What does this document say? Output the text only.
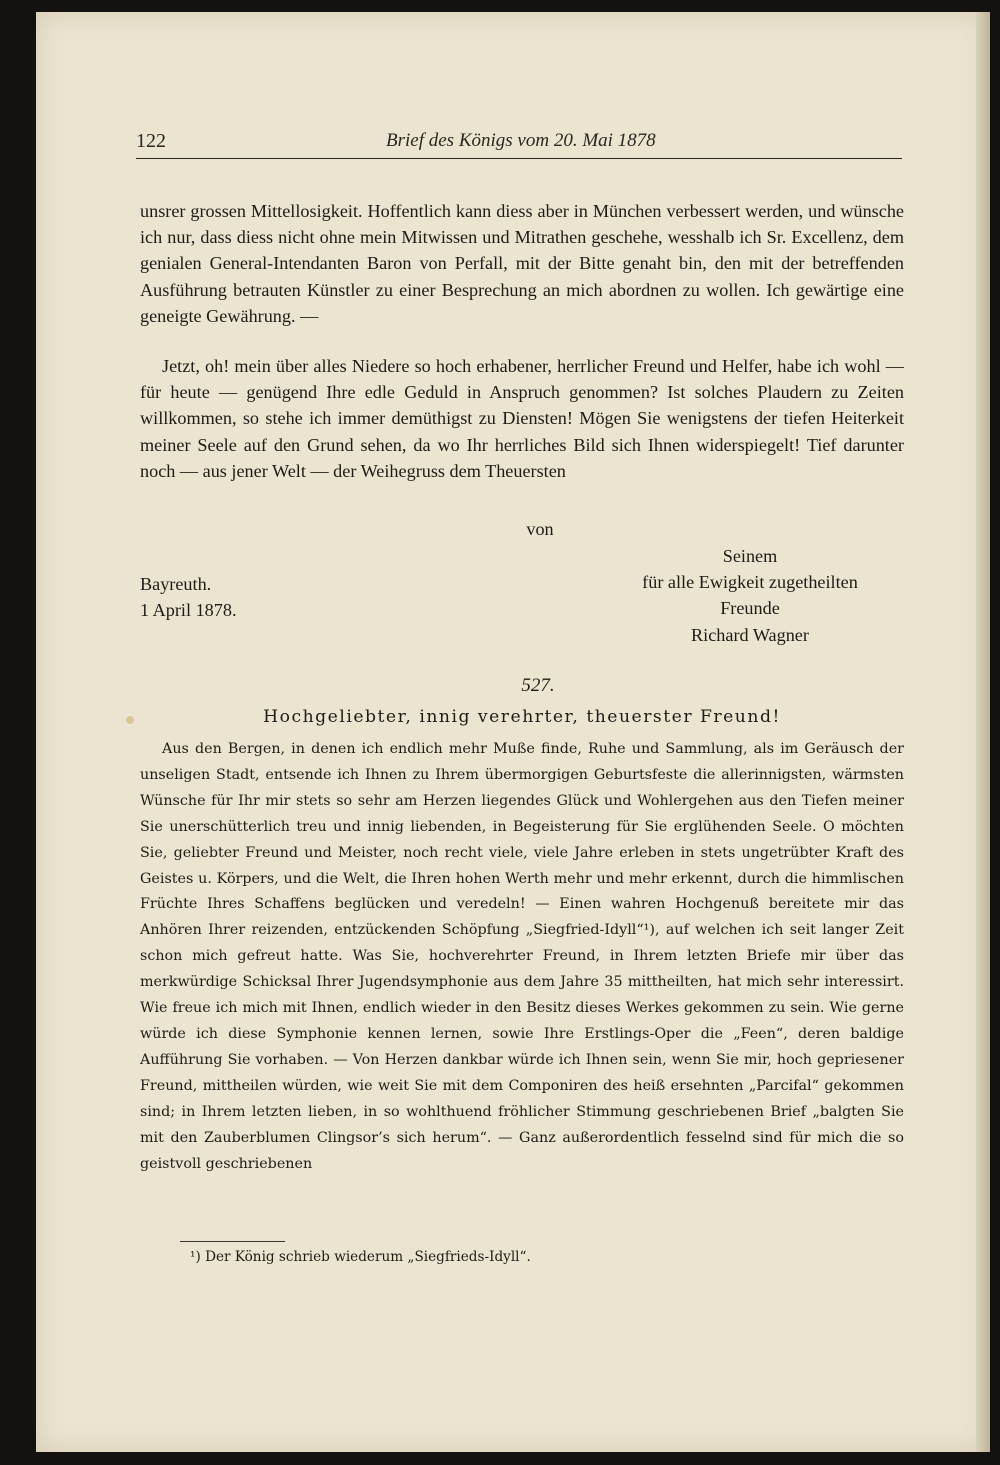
122	Brief des Königs vom 20. Mai 1878
unsrer grossen Mittellosigkeit. Hoffentlich kann diess aber in München verbessert werden, und wünsche ich nur, dass diess nicht ohne mein Mitwissen und Mitrathen geschehe, wesshalb ich Sr. Excellenz, dem genialen General-Intendanten Baron von Perfall, mit der Bitte genaht bin, den mit der betreffenden Ausführung betrauten Künstler zu einer Besprechung an mich abordnen zu wollen. Ich gewärtige eine geneigte Gewährung. —
Jetzt, oh! mein über alles Niedere so hoch erhabener, herrlicher Freund und Helfer, habe ich wohl — für heute — genügend Ihre edle Geduld in Anspruch genommen? Ist solches Plaudern zu Zeiten willkommen, so stehe ich immer demüthigst zu Diensten! Mögen Sie wenigstens der tiefen Heiterkeit meiner Seele auf den Grund sehen, da wo Ihr herrliches Bild sich Ihnen widerspiegelt! Tief darunter noch — aus jener Welt — der Weihegruss dem Theuersten
von

Bayreuth.

1 April 1878.

Seinem

für alle Ewigkeit zugetheilten

Freunde

Richard Wagner

527.
Hochgeliebter, innig verehrter, theuerster Freund!
Aus den Bergen, in denen ich endlich mehr Muße finde, Ruhe und Sammlung, als im Geräusch der unseligen Stadt, entsende ich Ihnen zu Ihrem übermorgigen Geburtsfeste die allerinnigsten, wärmsten Wünsche für Ihr mir stets so sehr am Herzen liegendes Glück und Wohlergehen aus den Tiefen meiner Sie unerschütterlich treu und innig liebenden, in Begeisterung für Sie erglühenden Seele. O möchten Sie, geliebter Freund und Meister, noch recht viele, viele Jahre erleben in stets ungetrübter Kraft des Geistes u. Körpers, und die Welt, die Ihren hohen Werth mehr und mehr erkennt, durch die himmlischen Früchte Ihres Schaffens beglücken und veredeln! — Einen wahren Hochgenuß bereitete mir das Anhören Ihrer reizenden, entzückenden Schöpfung „Siegfried-Idyll“¹), auf welchen ich seit langer Zeit schon mich gefreut hatte. Was Sie, hochverehrter Freund, in Ihrem letzten Briefe mir über das merkwürdige Schicksal Ihrer Jugendsymphonie aus dem Jahre 35 mittheilten, hat mich sehr interessirt. Wie freue ich mich mit Ihnen, endlich wieder in den Besitz dieses Werkes gekommen zu sein. Wie gerne würde ich diese Symphonie kennen lernen, sowie Ihre Erstlings-Oper die „Feen“, deren baldige Aufführung Sie vorhaben. — Von Herzen dankbar würde ich Ihnen sein, wenn Sie mir, hoch gepriesener Freund, mittheilen würden, wie weit Sie mit dem Componiren des heiß ersehnten „Parcifal“ gekommen sind; in Ihrem letzten lieben, in so wohlthuend fröhlicher Stimmung geschriebenen Brief „balgten Sie mit den Zauberblumen Clingsor’s sich herum“. — Ganz außerordentlich fesselnd sind für mich die so geistvoll geschriebenen
¹) Der König schrieb wiederum „Siegfrieds-Idyll“.
